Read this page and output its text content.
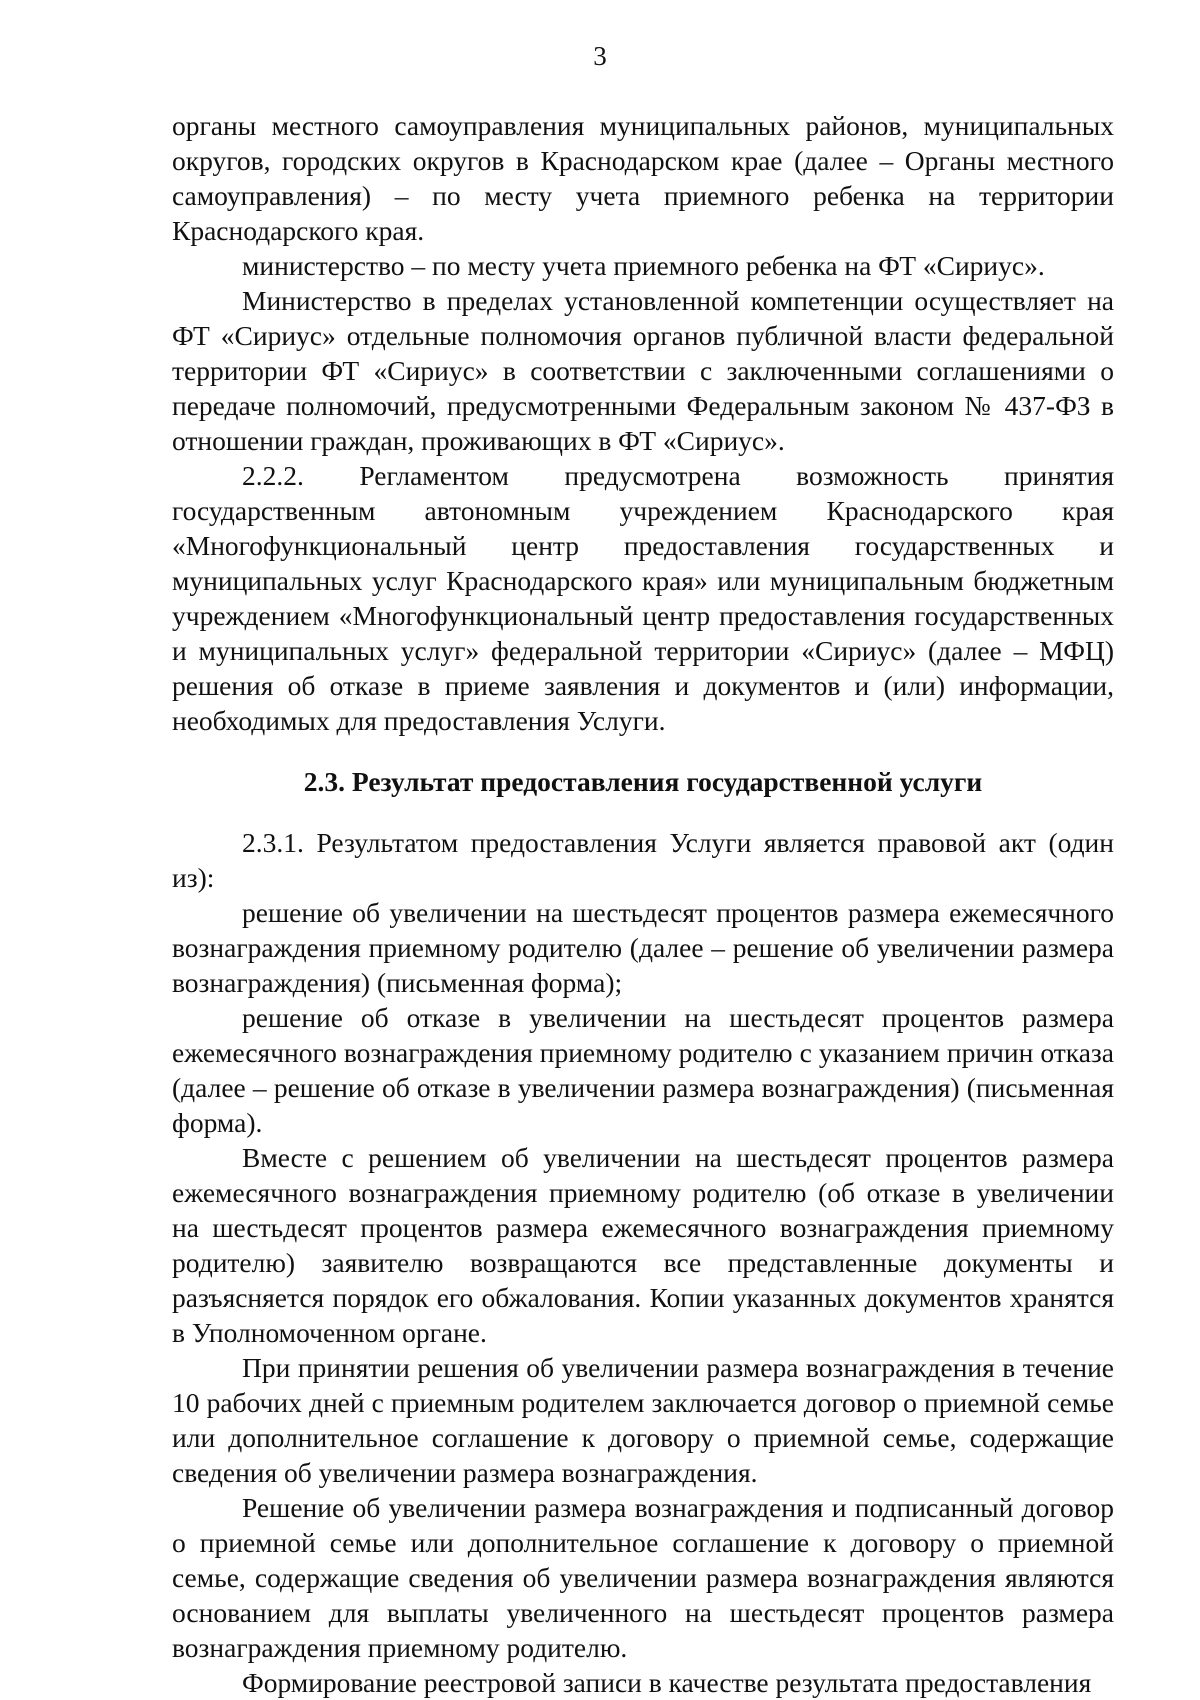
3

органы местного самоуправления муниципальных районов, муниципальных округов, городских округов в Краснодарском крае (далее – Органы местного самоуправления) – по месту учета приемного ребенка на территории Краснодарского края.

министерство – по месту учета приемного ребенка на ФТ «Сириус».

Министерство в пределах установленной компетенции осуществляет на ФТ «Сириус» отдельные полномочия органов публичной власти федеральной территории ФТ «Сириус» в соответствии с заключенными соглашениями о передаче полномочий, предусмотренными Федеральным законом № 437-ФЗ в отношении граждан, проживающих в ФТ «Сириус».

2.2.2. Регламентом предусмотрена возможность принятия государственным автономным учреждением Краснодарского края «Многофункциональный центр предоставления государственных и муниципальных услуг Краснодарского края» или муниципальным бюджетным учреждением «Многофункциональный центр предоставления государственных и муниципальных услуг» федеральной территории «Сириус» (далее – МФЦ) решения об отказе в приеме заявления и документов и (или) информации, необходимых для предоставления Услуги.

2.3. Результат предоставления государственной услуги

2.3.1. Результатом предоставления Услуги является правовой акт (один из):

решение об увеличении на шестьдесят процентов размера ежемесячного вознаграждения приемному родителю (далее – решение об увеличении размера вознаграждения) (письменная форма);

решение об отказе в увеличении на шестьдесят процентов размера ежемесячного вознаграждения приемному родителю с указанием причин отказа (далее – решение об отказе в увеличении размера вознаграждения) (письменная форма).

Вместе с решением об увеличении на шестьдесят процентов размера ежемесячного вознаграждения приемному родителю (об отказе в увеличении на шестьдесят процентов размера ежемесячного вознаграждения приемному родителю) заявителю возвращаются все представленные документы и разъясняется порядок его обжалования. Копии указанных документов хранятся в Уполномоченном органе.

При принятии решения об увеличении размера вознаграждения в течение 10 рабочих дней с приемным родителем заключается договор о приемной семье или дополнительное соглашение к договору о приемной семье, содержащие сведения об увеличении размера вознаграждения.

Решение об увеличении размера вознаграждения и подписанный договор о приемной семье или дополнительное соглашение к договору о приемной семье, содержащие сведения об увеличении размера вознаграждения являются основанием для выплаты увеличенного на шестьдесят процентов размера вознаграждения приемному родителю.

Формирование реестровой записи в качестве результата предоставления
